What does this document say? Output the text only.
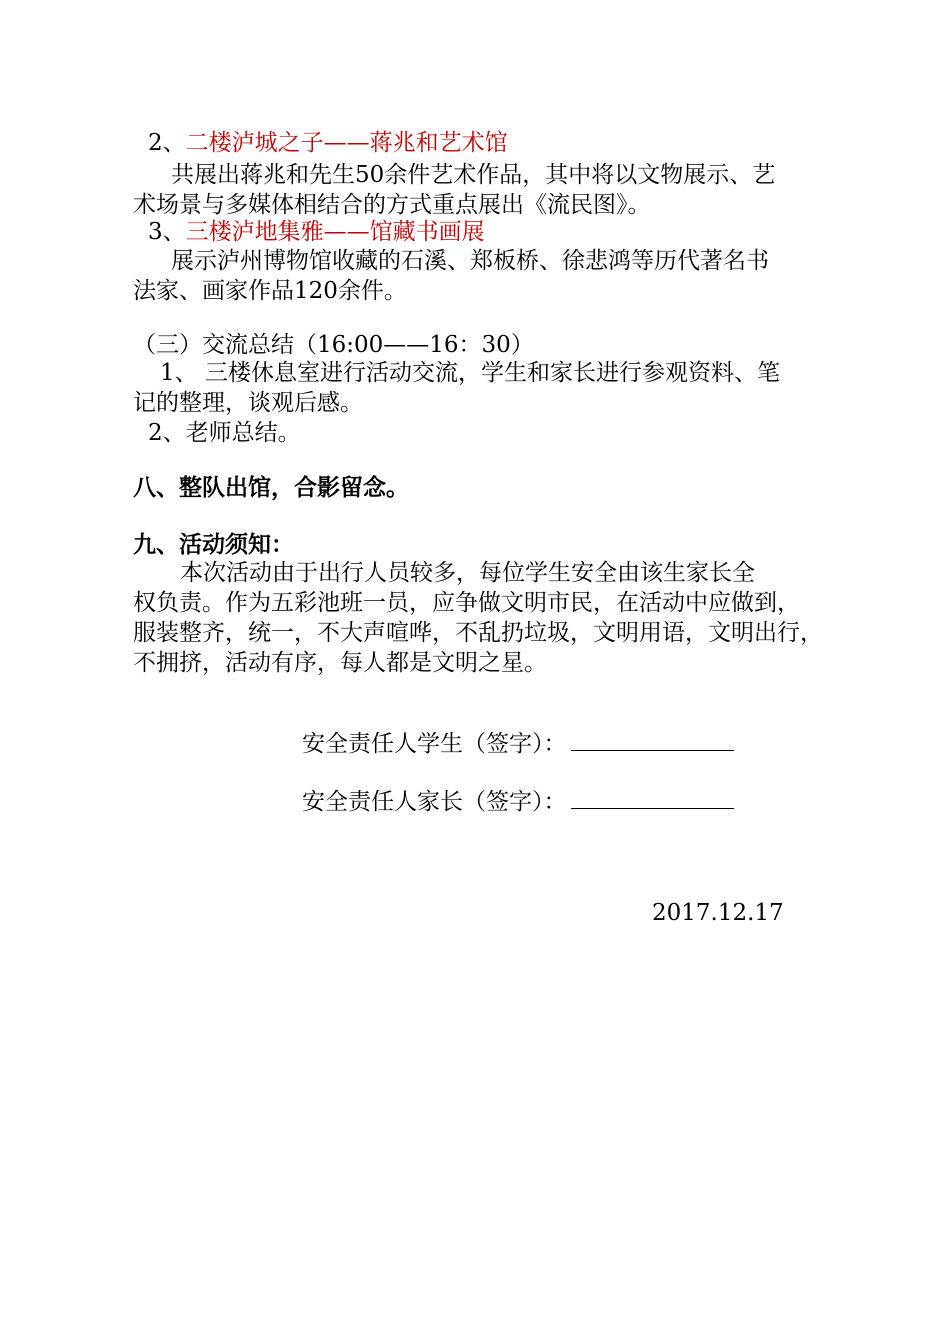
2、二楼泸城之子——蒋兆和艺术馆
共展出蒋兆和先生50余件艺术作品，其中将以文物展示、艺
术场景与多媒体相结合的方式重点展出《流民图》。
3、三楼泸地集雅——馆藏书画展
展示泸州博物馆收藏的石溪、郑板桥、徐悲鸿等历代著名书
法家、画家作品120余件。
（三）交流总结（16:00——16：30）
1、 三楼休息室进行活动交流，学生和家长进行参观资料、笔
记的整理，谈观后感。
2、老师总结。
八、整队出馆，合影留念。
九、活动须知：
本次活动由于出行人员较多，每位学生安全由该生家长全
权负责。作为五彩池班一员，应争做文明市民，在活动中应做到，
服装整齐，统一，不大声喧哗，不乱扔垃圾，文明用语，文明出行，
不拥挤，活动有序，每人都是文明之星。
安全责任人学生（签字）：
安全责任人家长（签字）：
2017.12.17
